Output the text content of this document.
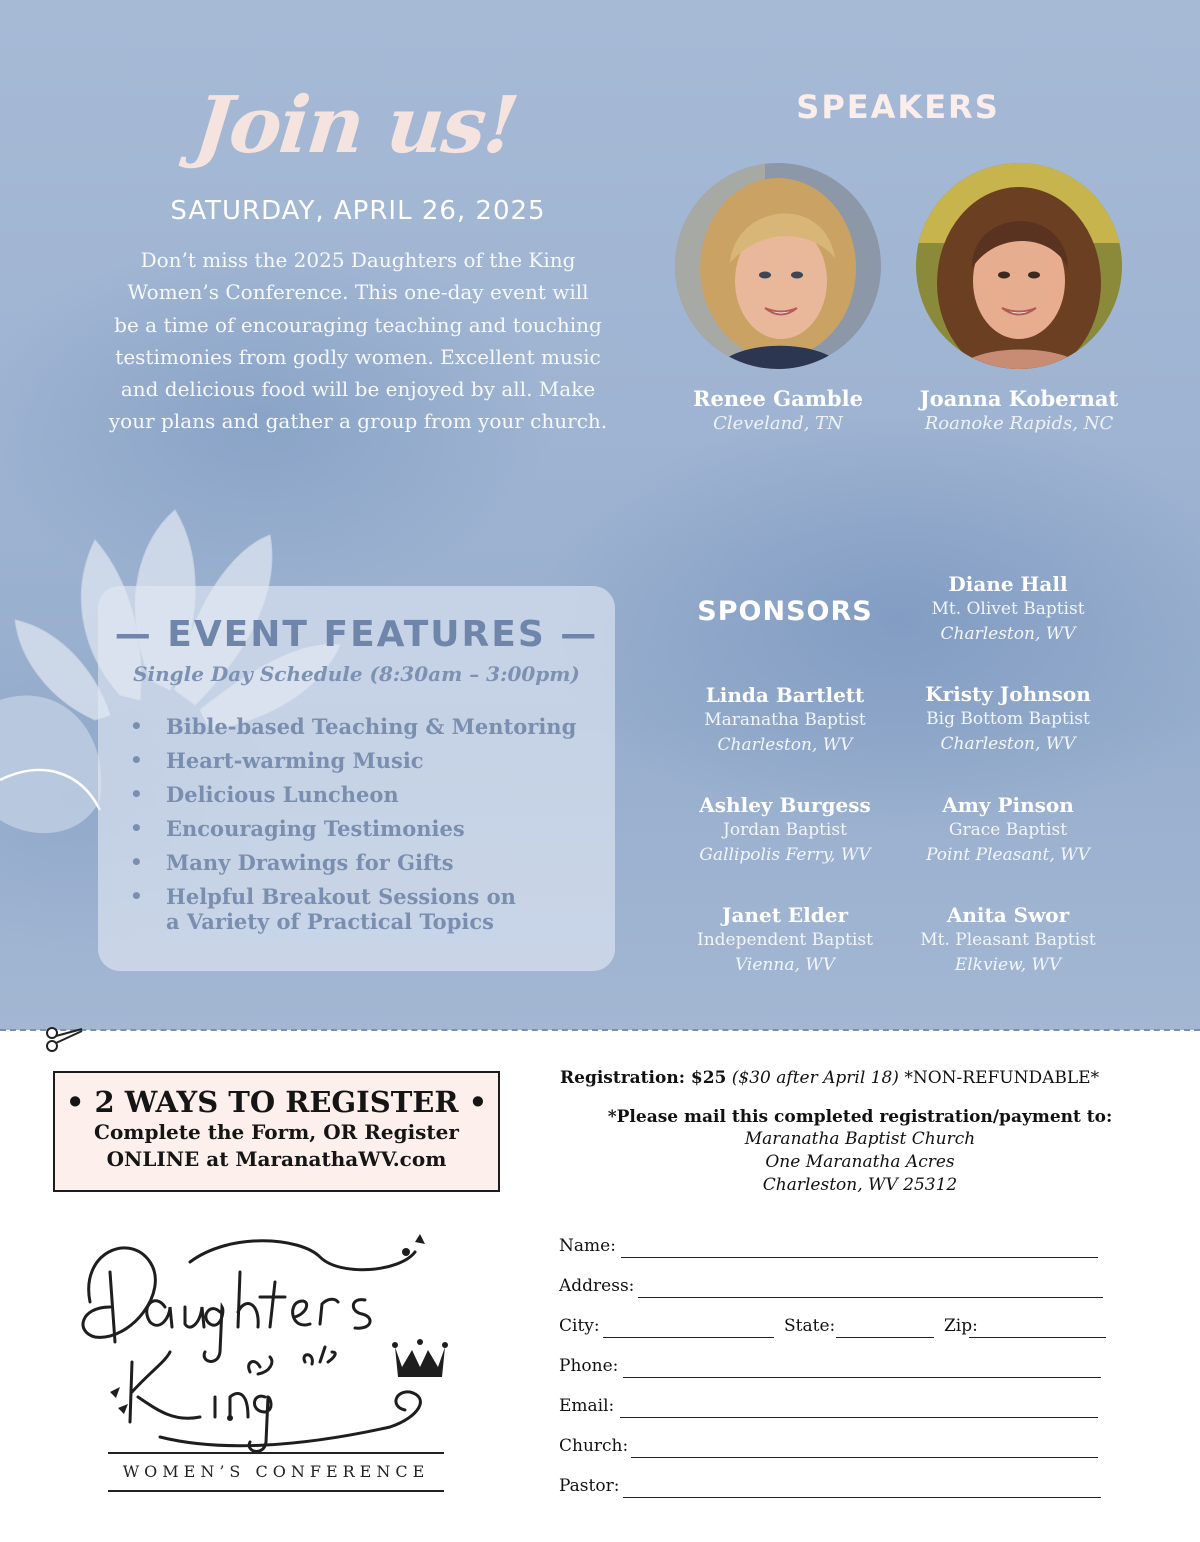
Join us!
SATURDAY, APRIL 26, 2025
Don’t miss the 2025 Daughters of the King
Women’s Conference. This one-day event will
be a time of encouraging teaching and touching
testimonies from godly women. Excellent music
and delicious food will be enjoyed by all. Make
your plans and gather a group from your church.
SPEAKERS
Renee Gamble
Cleveland, TN
Joanna Kobernat
Roanoke Rapids, NC
— EVENT FEATURES —
Single Day Schedule (8:30am – 3:00pm)
• Bible-based Teaching & Mentoring
• Heart-warming Music
• Delicious Luncheon
• Encouraging Testimonies
• Many Drawings for Gifts
• Helpful Breakout Sessions on a Variety of Practical Topics
SPONSORS
Diane Hall
Mt. Olivet Baptist
Charleston, WV
Linda Bartlett
Maranatha Baptist
Charleston, WV
Kristy Johnson
Big Bottom Baptist
Charleston, WV
Ashley Burgess
Jordan Baptist
Gallipolis Ferry, WV
Amy Pinson
Grace Baptist
Point Pleasant, WV
Janet Elder
Independent Baptist
Vienna, WV
Anita Swor
Mt. Pleasant Baptist
Elkview, WV
• 2 WAYS TO REGISTER •
Complete the Form, OR Register
ONLINE at MaranathaWV.com
WOMEN’S CONFERENCE
Registration: $25 ($30 after April 18) *NON-REFUNDABLE*
*Please mail this completed registration/payment to:
Maranatha Baptist Church
One Maranatha Acres
Charleston, WV 25312
Name:
Address:
City:	State:	Zip:
Phone:
Email:
Church:
Pastor:
